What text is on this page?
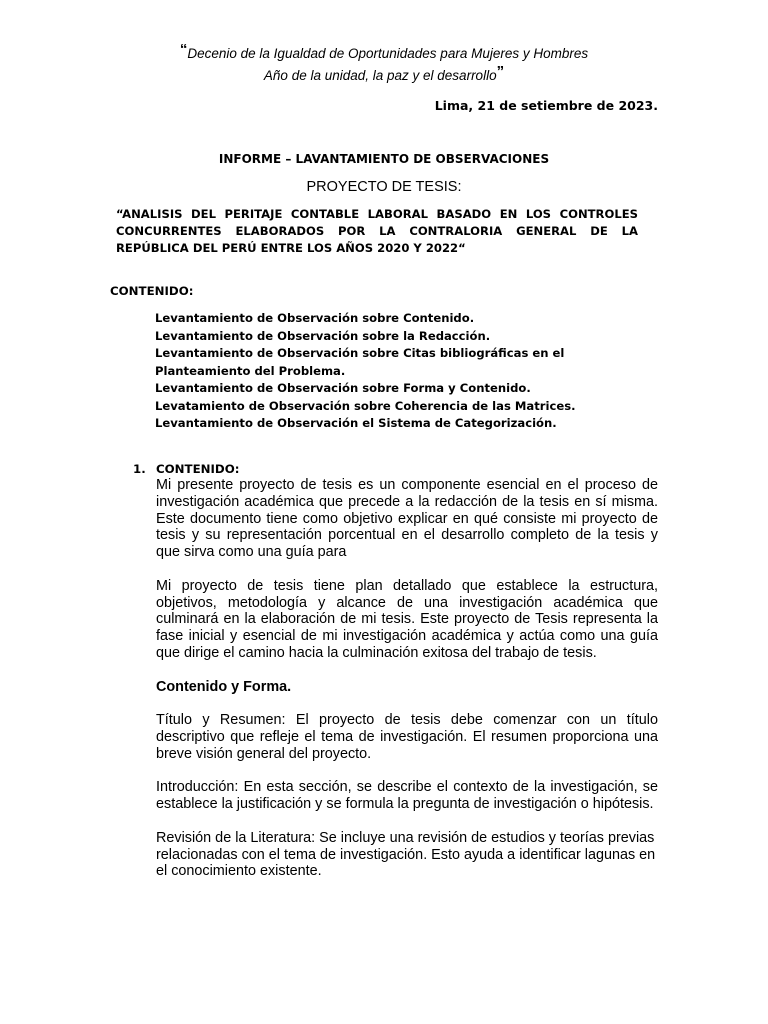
“Decenio de la Igualdad de Oportunidades para Mujeres y Hombres
Año de la unidad, la paz y el desarrollo”
Lima, 21 de setiembre de 2023.
INFORME – LAVANTAMIENTO DE OBSERVACIONES
PROYECTO DE TESIS:
“ANALISIS DEL PERITAJE CONTABLE LABORAL BASADO EN LOS CONTROLES CONCURRENTES ELABORADOS POR LA CONTRALORIA GENERAL DE LA REPÚBLICA DEL PERÚ ENTRE LOS AÑOS 2020 Y 2022“
CONTENIDO:
Levantamiento de Observación sobre Contenido.
Levantamiento de Observación sobre la Redacción.
Levantamiento de Observación sobre Citas bibliográficas en el Planteamiento del Problema.
Levantamiento de Observación sobre Forma y Contenido.
Levatamiento de Observación sobre Coherencia de las Matrices.
Levantamiento de Observación el Sistema de Categorización.
1. CONTENIDO:

Mi presente proyecto de tesis es un componente esencial en el proceso de investigación académica que precede a la redacción de la tesis en sí misma. Este documento tiene como objetivo explicar en qué consiste mi proyecto de tesis y su representación porcentual en el desarrollo completo de la tesis y que sirva como una guía para

Mi proyecto de tesis tiene plan detallado que establece la estructura, objetivos, metodología y alcance de una investigación académica que culminará en la elaboración de mi tesis. Este proyecto de Tesis representa la fase inicial y esencial de mi investigación académica y actúa como una guía que dirige el camino hacia la culminación exitosa del trabajo de tesis.

Contenido y Forma.

Título y Resumen: El proyecto de tesis debe comenzar con un título descriptivo que refleje el tema de investigación. El resumen proporciona una breve visión general del proyecto.

Introducción: En esta sección, se describe el contexto de la investigación, se establece la justificación y se formula la pregunta de investigación o hipótesis.

Revisión de la Literatura: Se incluye una revisión de estudios y teorías previas relacionadas con el tema de investigación. Esto ayuda a identificar lagunas en el conocimiento existente.
